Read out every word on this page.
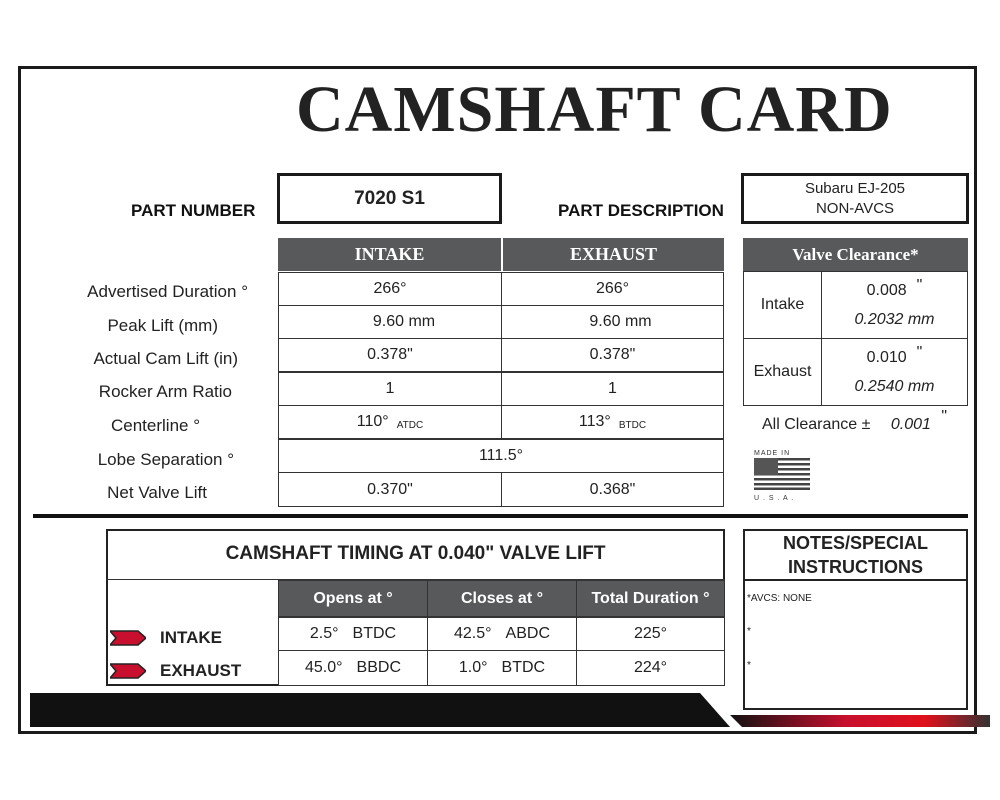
CAMSHAFT CARD
PART NUMBER
7020 S1
PART DESCRIPTION
Subaru EJ-205
NON-AVCS
INTAKE	EXHAUST
Advertised Duration °	266°	266°
Peak Lift (mm)	9.60 mm	9.60 mm
Actual Cam Lift (in)	0.378"	0.378"
Rocker Arm Ratio	1	1
Centerline °	110° ATDC	113° BTDC
Lobe Separation °	111.5°
Net Valve Lift	0.370"	0.368"
Valve Clearance*
Intake
0.008 "
0.2032 mm
Exhaust
0.010 "
0.2540 mm
All Clearance ± 0.001 "
MADE IN
U . S . A .
CAMSHAFT TIMING AT 0.040" VALVE LIFT
Opens at °	Closes at °	Total Duration °
INTAKE	2.5° BTDC	42.5° ABDC	225°
EXHAUST	45.0° BBDC	1.0° BTDC	224°
NOTES/SPECIAL
INSTRUCTIONS
*AVCS: NONE
*
*
